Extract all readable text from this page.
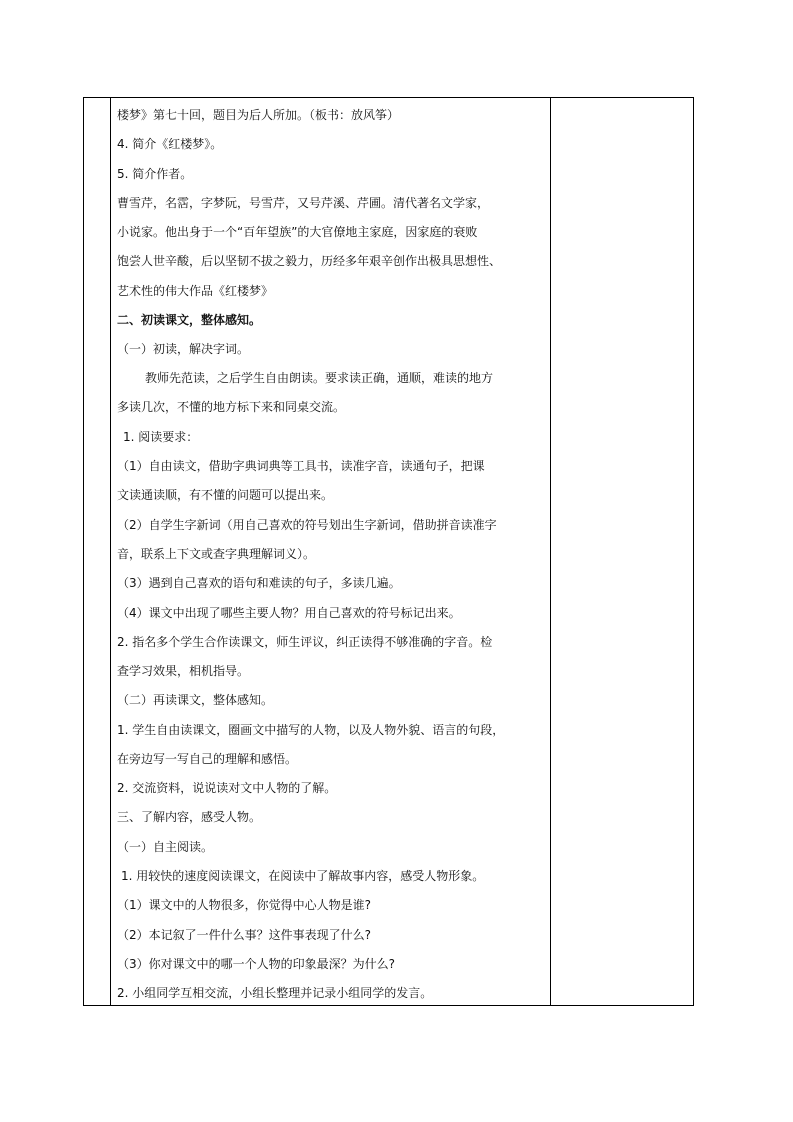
楼梦》第七十回，题目为后人所加。（板书：放风筝）
4. 简介《红楼梦》。
5. 简介作者。
曹雪芹，名霑，字梦阮，号雪芹，又号芹溪、芹圃。清代著名文学家，
小说家。他出身于一个“百年望族”的大官僚地主家庭，因家庭的衰败
饱尝人世辛酸，后以坚韧不拔之毅力，历经多年艰辛创作出极具思想性、
艺术性的伟大作品《红楼梦》
二、初读课文，整体感知。
（一）初读，解决字词。
教师先范读，之后学生自由朗读。要求读正确，通顺，难读的地方
多读几次，不懂的地方标下来和同桌交流。
1. 阅读要求：
（1）自由读文，借助字典词典等工具书，读准字音，读通句子，把课
文读通读顺，有不懂的问题可以提出来。
（2）自学生字新词（用自己喜欢的符号划出生字新词，借助拼音读准字
音，联系上下文或查字典理解词义）。
（3）遇到自己喜欢的语句和难读的句子，多读几遍。
（4）课文中出现了哪些主要人物？用自己喜欢的符号标记出来。
2. 指名多个学生合作读课文，师生评议，纠正读得不够准确的字音。检
查学习效果，相机指导。
（二）再读课文，整体感知。
1. 学生自由读课文，圈画文中描写的人物，以及人物外貌、语言的句段，
在旁边写一写自己的理解和感悟。
2. 交流资料，说说读对文中人物的了解。
三、了解内容，感受人物。
（一）自主阅读。
1. 用较快的速度阅读课文，在阅读中了解故事内容，感受人物形象。
（1）课文中的人物很多，你觉得中心人物是谁?
（2）本记叙了一件什么事？这件事表现了什么?
（3）你对课文中的哪一个人物的印象最深？为什么?
2. 小组同学互相交流，小组长整理并记录小组同学的发言。
